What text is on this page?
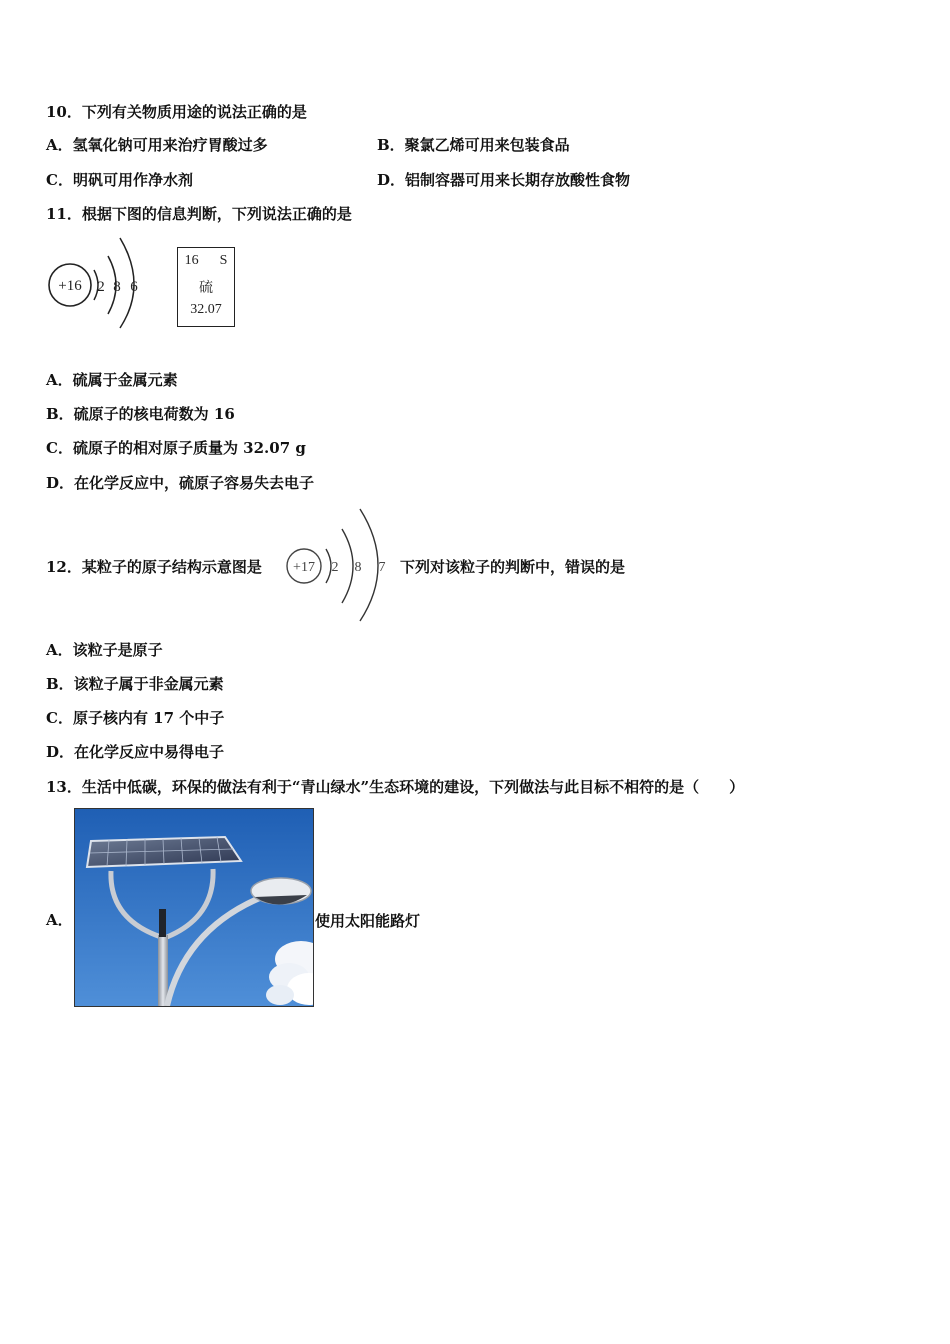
10．下列有关物质用途的说法正确的是
A．氢氧化钠可用来治疗胃酸过多	B．聚氯乙烯可用来包装食品
C．明矾可用作净水剂	D．铝制容器可用来长期存放酸性食物
11．根据下图的信息判断，下列说法正确的是
+16 2 8 6
16 S
硫
32.07
A．硫属于金属元素
B．硫原子的核电荷数为 16
C．硫原子的相对原子质量为 32.07 g
D．在化学反应中，硫原子容易失去电子
12．某粒子的原子结构示意图是 +17 2 8 7 下列对该粒子的判断中，错误的是
A．该粒子是原子
B．该粒子属于非金属元素
C．原子核内有 17 个中子
D．在化学反应中易得电子
13．生活中低碳，环保的做法有利于“青山绿水”生态环境的建设，下列做法与此目标不相符的是（　　）
A．	使用太阳能路灯
